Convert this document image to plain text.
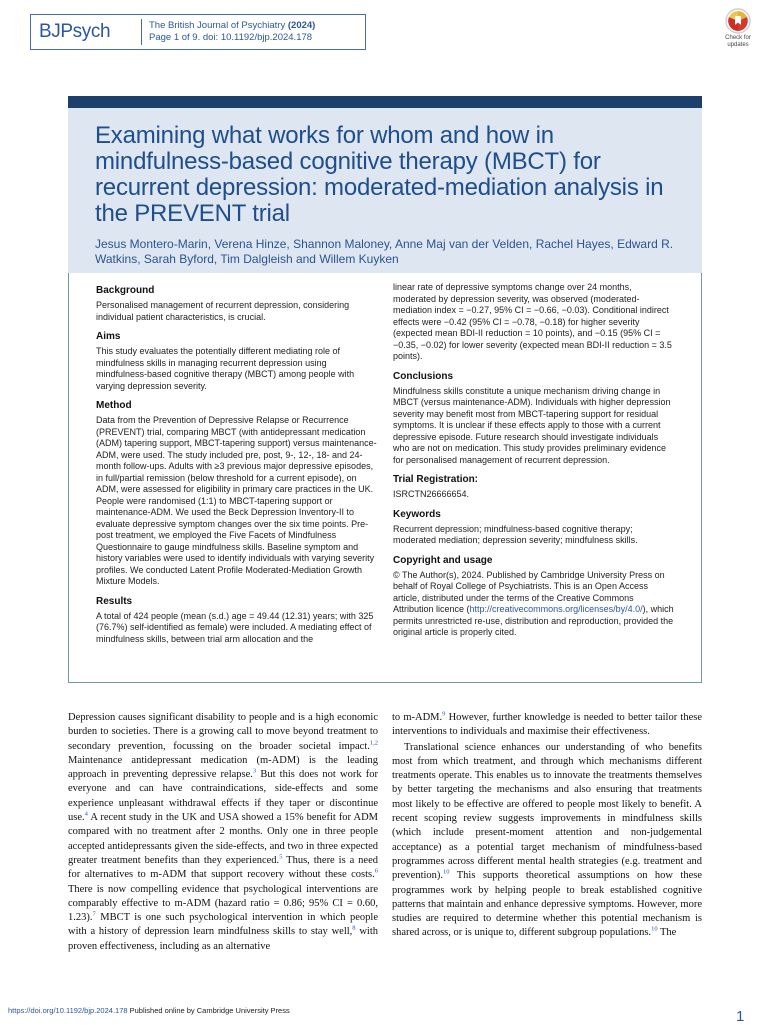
BJPsych	The British Journal of Psychiatry (2024)
Page 1 of 9. doi: 10.1192/bjp.2024.178	Check for updates
Examining what works for whom and how in mindfulness-based cognitive therapy (MBCT) for recurrent depression: moderated-mediation analysis in the PREVENT trial

Jesus Montero-Marin, Verena Hinze, Shannon Maloney, Anne Maj van der Velden, Rachel Hayes, Edward R. Watkins, Sarah Byford, Tim Dalgleish and Willem Kuyken

Background

Personalised management of recurrent depression, considering individual patient characteristics, is crucial.

Aims

This study evaluates the potentially different mediating role of mindfulness skills in managing recurrent depression using mindfulness-based cognitive therapy (MBCT) among people with varying depression severity.

Method

Data from the Prevention of Depressive Relapse or Recurrence (PREVENT) trial, comparing MBCT (with antidepressant medication (ADM) tapering support, MBCT-tapering support) versus maintenance-ADM, were used. The study included pre, post, 9-, 12-, 18- and 24-month follow-ups. Adults with ≥3 previous major depressive episodes, in full/partial remission (below threshold for a current episode), on ADM, were assessed for eligibility in primary care practices in the UK. People were randomised (1:1) to MBCT-tapering support or maintenance-ADM. We used the Beck Depression Inventory-II to evaluate depressive symptom changes over the six time points. Pre-post treatment, we employed the Five Facets of Mindfulness Questionnaire to gauge mindfulness skills. Baseline symptom and history variables were used to identify individuals with varying severity profiles. We conducted Latent Profile Moderated-Mediation Growth Mixture Models.

Results

A total of 424 people (mean (s.d.) age = 49.44 (12.31) years; with 325 (76.7%) self-identified as female) were included. A mediating effect of mindfulness skills, between trial arm allocation and the

linear rate of depressive symptoms change over 24 months, moderated by depression severity, was observed (moderated-mediation index = −0.27, 95% CI = −0.66, −0.03). Conditional indirect effects were −0.42 (95% CI = −0.78, −0.18) for higher severity (expected mean BDI-II reduction = 10 points), and −0.15 (95% CI = −0.35, −0.02) for lower severity (expected mean BDI-II reduction = 3.5 points).

Conclusions

Mindfulness skills constitute a unique mechanism driving change in MBCT (versus maintenance-ADM). Individuals with higher depression severity may benefit most from MBCT-tapering support for residual symptoms. It is unclear if these effects apply to those with a current depressive episode. Future research should investigate individuals who are not on medication. This study provides preliminary evidence for personalised management of recurrent depression.

Trial Registration:

ISRCTN26666654.

Keywords

Recurrent depression; mindfulness-based cognitive therapy; moderated mediation; depression severity; mindfulness skills.

Copyright and usage

© The Author(s), 2024. Published by Cambridge University Press on behalf of Royal College of Psychiatrists. This is an Open Access article, distributed under the terms of the Creative Commons Attribution licence (http://creativecommons.org/licenses/by/4.0/), which permits unrestricted re-use, distribution and reproduction, provided the original article is properly cited.

Depression causes significant disability to people and is a high economic burden to societies. There is a growing call to move beyond treatment to secondary prevention, focussing on the broader societal impact.$^{1,2}$ Maintenance antidepressant medication (m-ADM) is the leading approach in preventing depressive relapse.$^3$ But this does not work for everyone and can have contraindications, side-effects and some experience unpleasant withdrawal effects if they taper or discontinue use.$^4$ A recent study in the UK and USA showed a 15% benefit for ADM compared with no treatment after 2 months. Only one in three people accepted antidepressants given the side-effects, and two in three expected greater treatment benefits than they experienced.$^5$ Thus, there is a need for alternatives to m-ADM that support recovery without these costs.$^6$ There is now compelling evidence that psychological interventions are comparably effective to m-ADM (hazard ratio = 0.86; 95% CI = 0.60, 1.23).$^7$ MBCT is one such psychological intervention in which people with a history of depression learn mindfulness skills to stay well,$^8$ with proven effectiveness, including as an alternative

to m-ADM.$^9$ However, further knowledge is needed to better tailor these interventions to individuals and maximise their effectiveness.

Translational science enhances our understanding of who benefits most from which treatment, and through which mechanisms different treatments operate. This enables us to innovate the treatments themselves by better targeting the mechanisms and also ensuring that treatments most likely to be effective are offered to people most likely to benefit. A recent scoping review suggests improvements in mindfulness skills (which include present-moment attention and non-judgemental acceptance) as a potential target mechanism of mindfulness-based programmes across different mental health strategies (e.g. treatment and prevention).$^{10}$ This supports theoretical assumptions on how these programmes work by helping people to break established cognitive patterns that maintain and enhance depressive symptoms. However, more studies are required to determine whether this potential mechanism is shared across, or is unique to, different subgroup populations.$^{10}$ The

https://doi.org/10.1192/bjp.2024.178 Published online by Cambridge University Press	1
